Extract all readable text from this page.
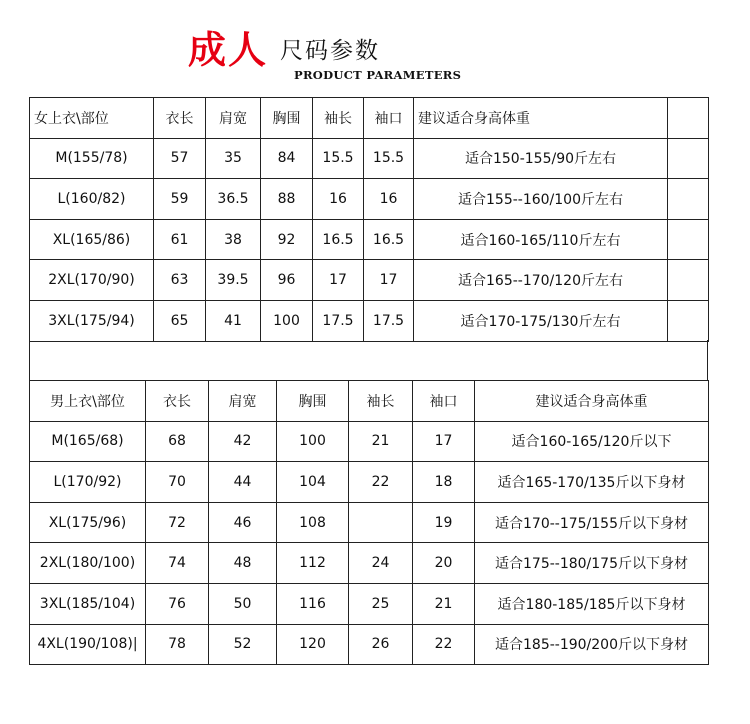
成人 尺码参数
PRODUCT PARAMETERS
女上衣\部位	衣长	肩宽	胸围	袖长	袖口	建议适合身高体重	
M(155/78)	57	35	84	15.5	15.5	适合150-155/90斤左右	
L(160/82)	59	36.5	88	16	16	适合155--160/100斤左右	
XL(165/86)	61	38	92	16.5	16.5	适合160-165/110斤左右	
2XL(170/90)	63	39.5	96	17	17	适合165--170/120斤左右	
3XL(175/94)	65	41	100	17.5	17.5	适合170-175/130斤左右	
男上衣\部位	衣长	肩宽	胸围	袖长	袖口	建议适合身高体重
M(165/68)	68	42	100	21	17	适合160-165/120斤以下
L(170/92)	70	44	104	22	18	适合165-170/135斤以下身材
XL(175/96)	72	46	108		19	适合170--175/155斤以下身材
2XL(180/100)	74	48	112	24	20	适合175--180/175斤以下身材
3XL(185/104)	76	50	116	25	21	适合180-185/185斤以下身材
4XL(190/108)|	78	52	120	26	22	适合185--190/200斤以下身材
